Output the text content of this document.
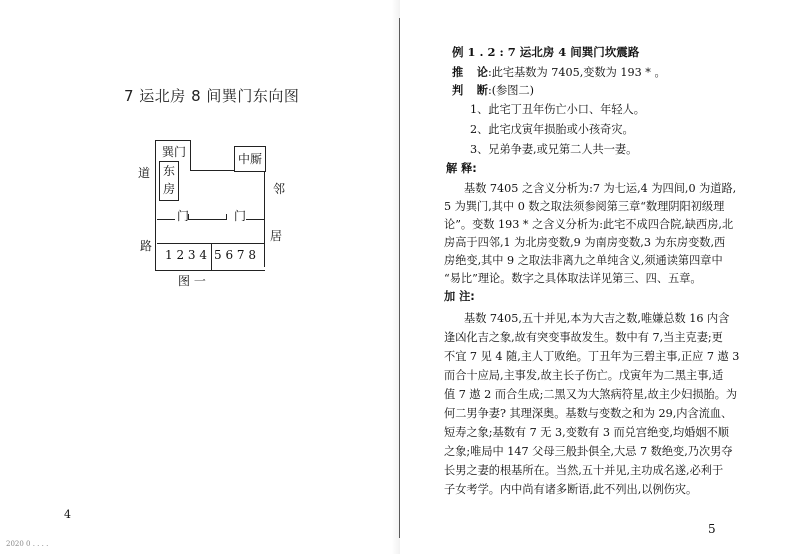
7 运北房 8 间巽门东向图
巽门
东
房
中厮
道
路
邻
居
门	门
1 2 3 4 5 6 7 8
图 一
4
2020 0 . . . .
例 1 . 2 : 7 运北房 4 间巽门坎震路
推 论:此宅基数为 7405,变数为 193 * 。
判 断:(参图二)
1、此宅丁丑年伤亡小口、年轻人。
2、此宅戊寅年损胎或小孩奇灾。
3、兄弟争妻,或兄第二人共一妻。
解 释:
基数 7405 之含义分析为:7 为七运,4 为四间,0 为道路,
5 为巽门,其中 0 数之取法须参阅第三章“数理阴阳初级理
论”。变数 193 * 之含义分析为:此宅不成四合院,缺西房,北
房高于四邻,1 为北房变数,9 为南房变数,3 为东房变数,西
房绝变,其中 9 之取法非离九之单纯含义,须通读第四章中
“易比”理论。数字之具体取法详见第三、四、五章。
加 注:
基数 7405,五十并见,本为大吉之数,唯嫌总数 16 内含
逢凶化吉之象,故有突变事故发生。数中有 7,当主克妻;更
不宜 7 见 4 随,主人丁败绝。丁丑年为三碧主事,正应 7 遨 3
而合十应局,主事发,故主长子伤亡。戊寅年为二黑主事,适
值 7 遨 2 而合生成;二黑又为大煞病符星,故主少妇损胎。为
何二男争妻? 其理深奥。基数与变数之和为 29,内含流血、
短寿之象;基数有 7 无 3,变数有 3 而兑宫绝变,均婚姻不顺
之象;唯局中 147 父母三般卦俱全,大忌 7 数绝变,乃次男夺
长男之妻的根基所在。当然,五十并见,主功成名遂,必利于
子女考学。内中尚有诸多断语,此不列出,以例伤灾。
5
